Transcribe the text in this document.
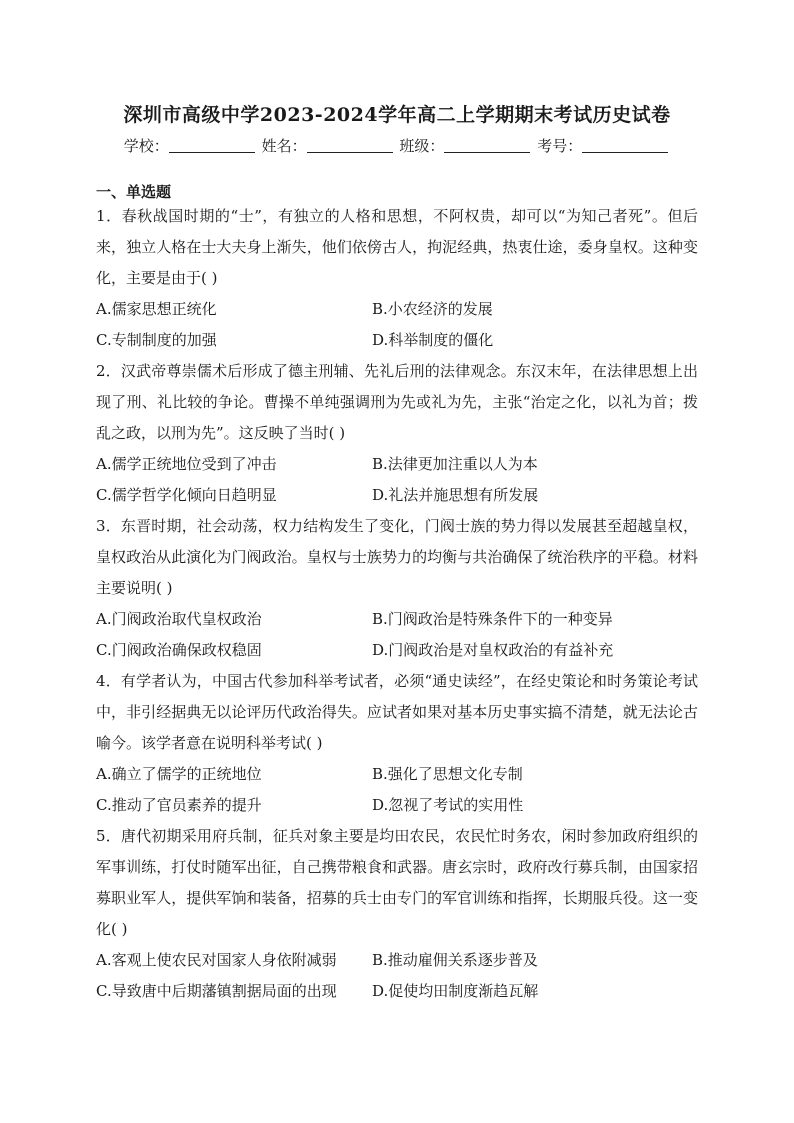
深圳市高级中学2023-2024学年高二上学期期末考试历史试卷
学校：	姓名：	班级：	考号：
一、单选题
1．春秋战国时期的“士”，有独立的人格和思想，不阿权贵，却可以“为知己者死”。但后来，独立人格在士大夫身上渐失，他们依傍古人，拘泥经典，热衷仕途，委身皇权。这种变化，主要是由于( )
A.儒家思想正统化	B.小农经济的发展
C.专制制度的加强	D.科举制度的僵化
2．汉武帝尊崇儒术后形成了德主刑辅、先礼后刑的法律观念。东汉末年，在法律思想上出现了刑、礼比较的争论。曹操不单纯强调刑为先或礼为先，主张“治定之化，以礼为首；拨乱之政，以刑为先”。这反映了当时( )
A.儒学正统地位受到了冲击	B.法律更加注重以人为本
C.儒学哲学化倾向日趋明显	D.礼法并施思想有所发展
3．东晋时期，社会动荡，权力结构发生了变化，门阀士族的势力得以发展甚至超越皇权，皇权政治从此演化为门阀政治。皇权与士族势力的均衡与共治确保了统治秩序的平稳。材料主要说明( )
A.门阀政治取代皇权政治	B.门阀政治是特殊条件下的一种变异
C.门阀政治确保政权稳固	D.门阀政治是对皇权政治的有益补充
4．有学者认为，中国古代参加科举考试者，必须“通史读经”，在经史策论和时务策论考试中，非引经据典无以论评历代政治得失。应试者如果对基本历史事实搞不清楚，就无法论古喻今。该学者意在说明科举考试( )
A.确立了儒学的正统地位	B.强化了思想文化专制
C.推动了官员素养的提升	D.忽视了考试的实用性
5．唐代初期采用府兵制，征兵对象主要是均田农民，农民忙时务农，闲时参加政府组织的军事训练，打仗时随军出征，自己携带粮食和武器。唐玄宗时，政府改行募兵制，由国家招募职业军人，提供军饷和装备，招募的兵士由专门的军官训练和指挥，长期服兵役。这一变化( )
A.客观上使农民对国家人身依附减弱	B.推动雇佣关系逐步普及
C.导致唐中后期藩镇割据局面的出现	D.促使均田制度渐趋瓦解
